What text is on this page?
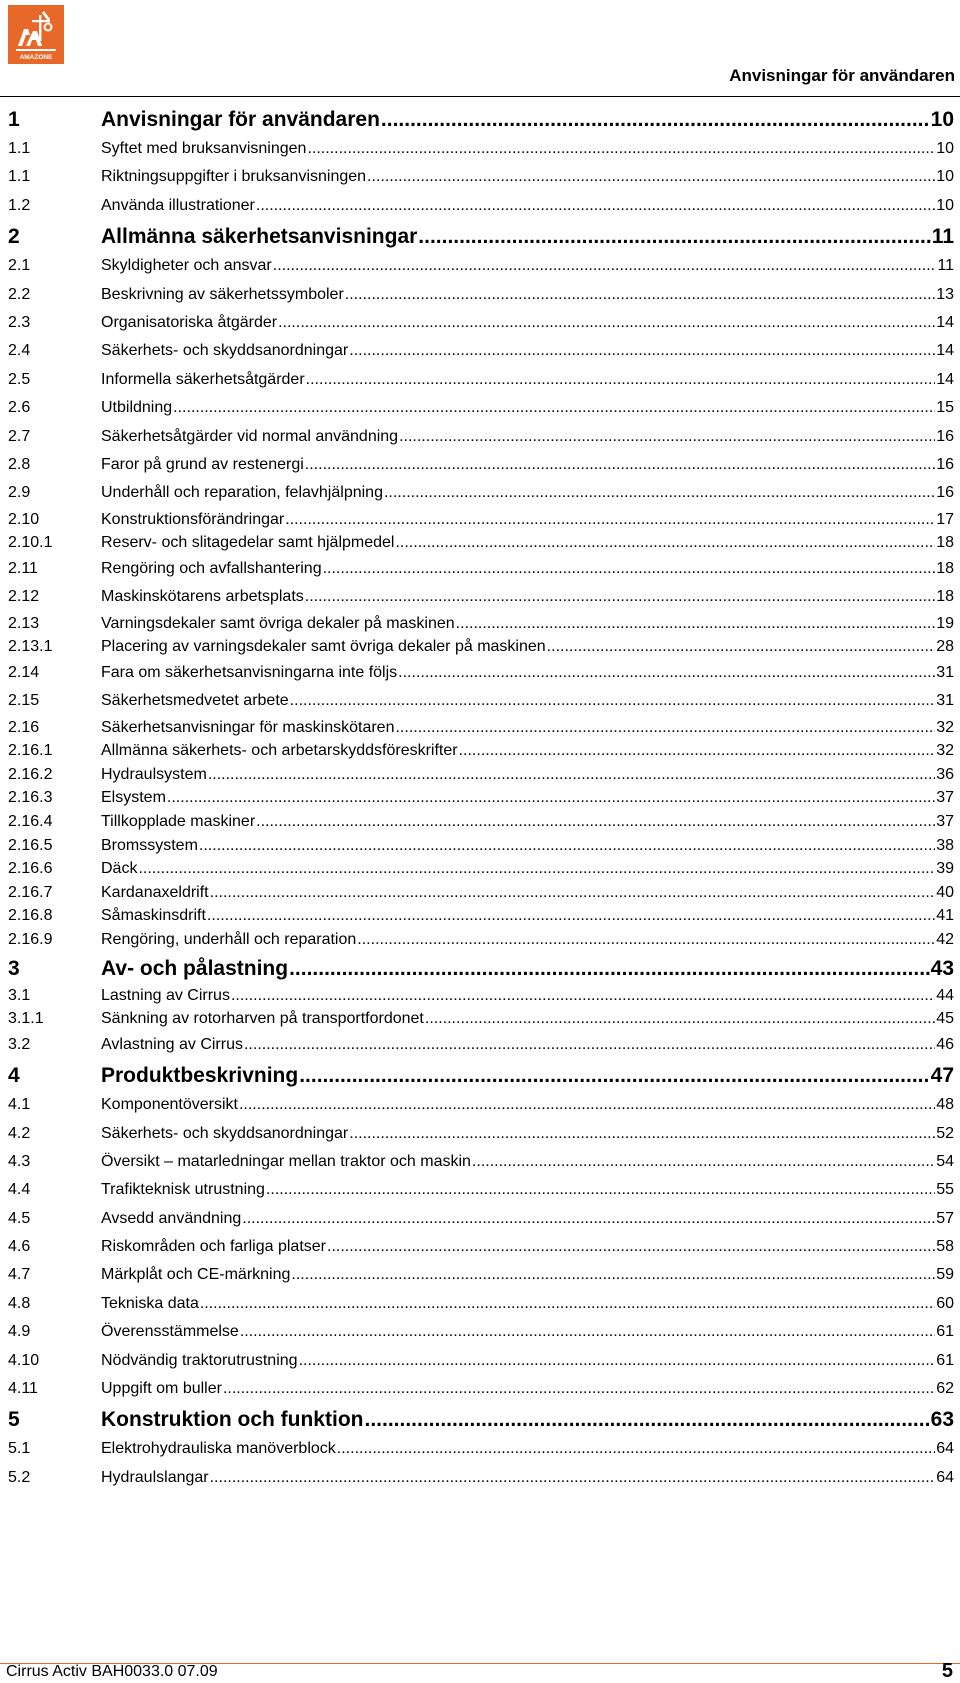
AMAZONE

Anvisningar för användaren

1	Anvisningar för användaren .....	10
1.1	Syftet med bruksanvisningen .....	10
1.1	Riktningsuppgifter i bruksanvisningen .....	10
1.2	Använda illustrationer .....	10
2	Allmänna säkerhetsanvisningar .....	11
2.1	Skyldigheter och ansvar .....	11
2.2	Beskrivning av säkerhetssymboler .....	13
2.3	Organisatoriska åtgärder .....	14
2.4	Säkerhets- och skyddsanordningar .....	14
2.5	Informella säkerhetsåtgärder .....	14
2.6	Utbildning .....	15
2.7	Säkerhetsåtgärder vid normal användning .....	16
2.8	Faror på grund av restenergi .....	16
2.9	Underhåll och reparation, felavhjälpning .....	16
2.10	Konstruktionsförändringar .....	17
2.10.1	Reserv- och slitagedelar samt hjälpmedel .....	18
2.11	Rengöring och avfallshantering .....	18
2.12	Maskinskötarens arbetsplats .....	18
2.13	Varningsdekaler samt övriga dekaler på maskinen .....	19
2.13.1	Placering av varningsdekaler samt övriga dekaler på maskinen .....	28
2.14	Fara om säkerhetsanvisningarna inte följs .....	31
2.15	Säkerhetsmedvetet arbete .....	31
2.16	Säkerhetsanvisningar för maskinskötaren .....	32
2.16.1	Allmänna säkerhets- och arbetarskyddsföreskrifter .....	32
2.16.2	Hydraulsystem .....	36
2.16.3	Elsystem .....	37
2.16.4	Tillkopplade maskiner .....	37
2.16.5	Bromssystem .....	38
2.16.6	Däck .....	39
2.16.7	Kardanaxeldrift .....	40
2.16.8	Såmaskinsdrift .....	41
2.16.9	Rengöring, underhåll och reparation .....	42
3	Av- och pålastning .....	43
3.1	Lastning av Cirrus .....	44
3.1.1	Sänkning av rotorharven på transportfordonet .....	45
3.2	Avlastning av Cirrus .....	46
4	Produktbeskrivning .....	47
4.1	Komponentöversikt .....	48
4.2	Säkerhets- och skyddsanordningar .....	52
4.3	Översikt – matarledningar mellan traktor och maskin .....	54
4.4	Trafikteknisk utrustning .....	55
4.5	Avsedd användning .....	57
4.6	Riskområden och farliga platser .....	58
4.7	Märkplåt och CE-märkning .....	59
4.8	Tekniska data .....	60
4.9	Överensstämmelse .....	61
4.10	Nödvändig traktorutrustning .....	61
4.11	Uppgift om buller .....	62
5	Konstruktion och funktion .....	63
5.1	Elektrohydrauliska manöverblock .....	64
5.2	Hydraulslangar .....	64

Cirrus Activ BAH0033.0 07.09	5
